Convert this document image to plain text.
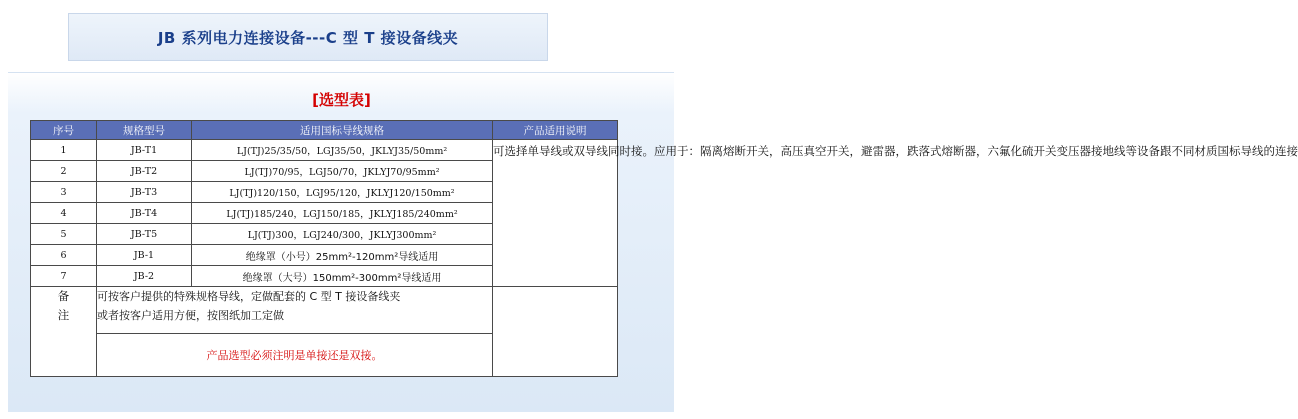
JB 系列电力连接设备---C 型 T 接设备线夹
[选型表]
序号	规格型号	适用国标导线规格	产品适用说明
1	JB-T1	LJ(TJ)25/35/50，LGJ35/50，JKLYJ35/50mm²	可选择单导线或双导线同时接。应用于：隔离熔断开关，高压真空开关，避雷器，跌落式熔断器，六氟化硫开关变压器接地线等设备跟不同材质国标导线的连接
2	JB-T2	LJ(TJ)70/95，LGJ50/70，JKLYJ70/95mm²	
3	JB-T3	LJ(TJ)120/150，LGJ95/120，JKLYJ120/150mm²	
4	JB-T4	LJ(TJ)185/240，LGJ150/185，JKLYJ185/240mm²	
5	JB-T5	LJ(TJ)300，LGJ240/300，JKLYJ300mm²	
6	JB-1	绝缘罩（小号）25mm²-120mm²导线适用	
7	JB-2	绝缘罩（大号）150mm²-300mm²导线适用	
备注	可按客户提供的特殊规格导线，定做配套的 C 型 T 接设备线夹
或者按客户适用方便，按图纸加工定做		

	产品选型必须注明是单接还是双接。		
